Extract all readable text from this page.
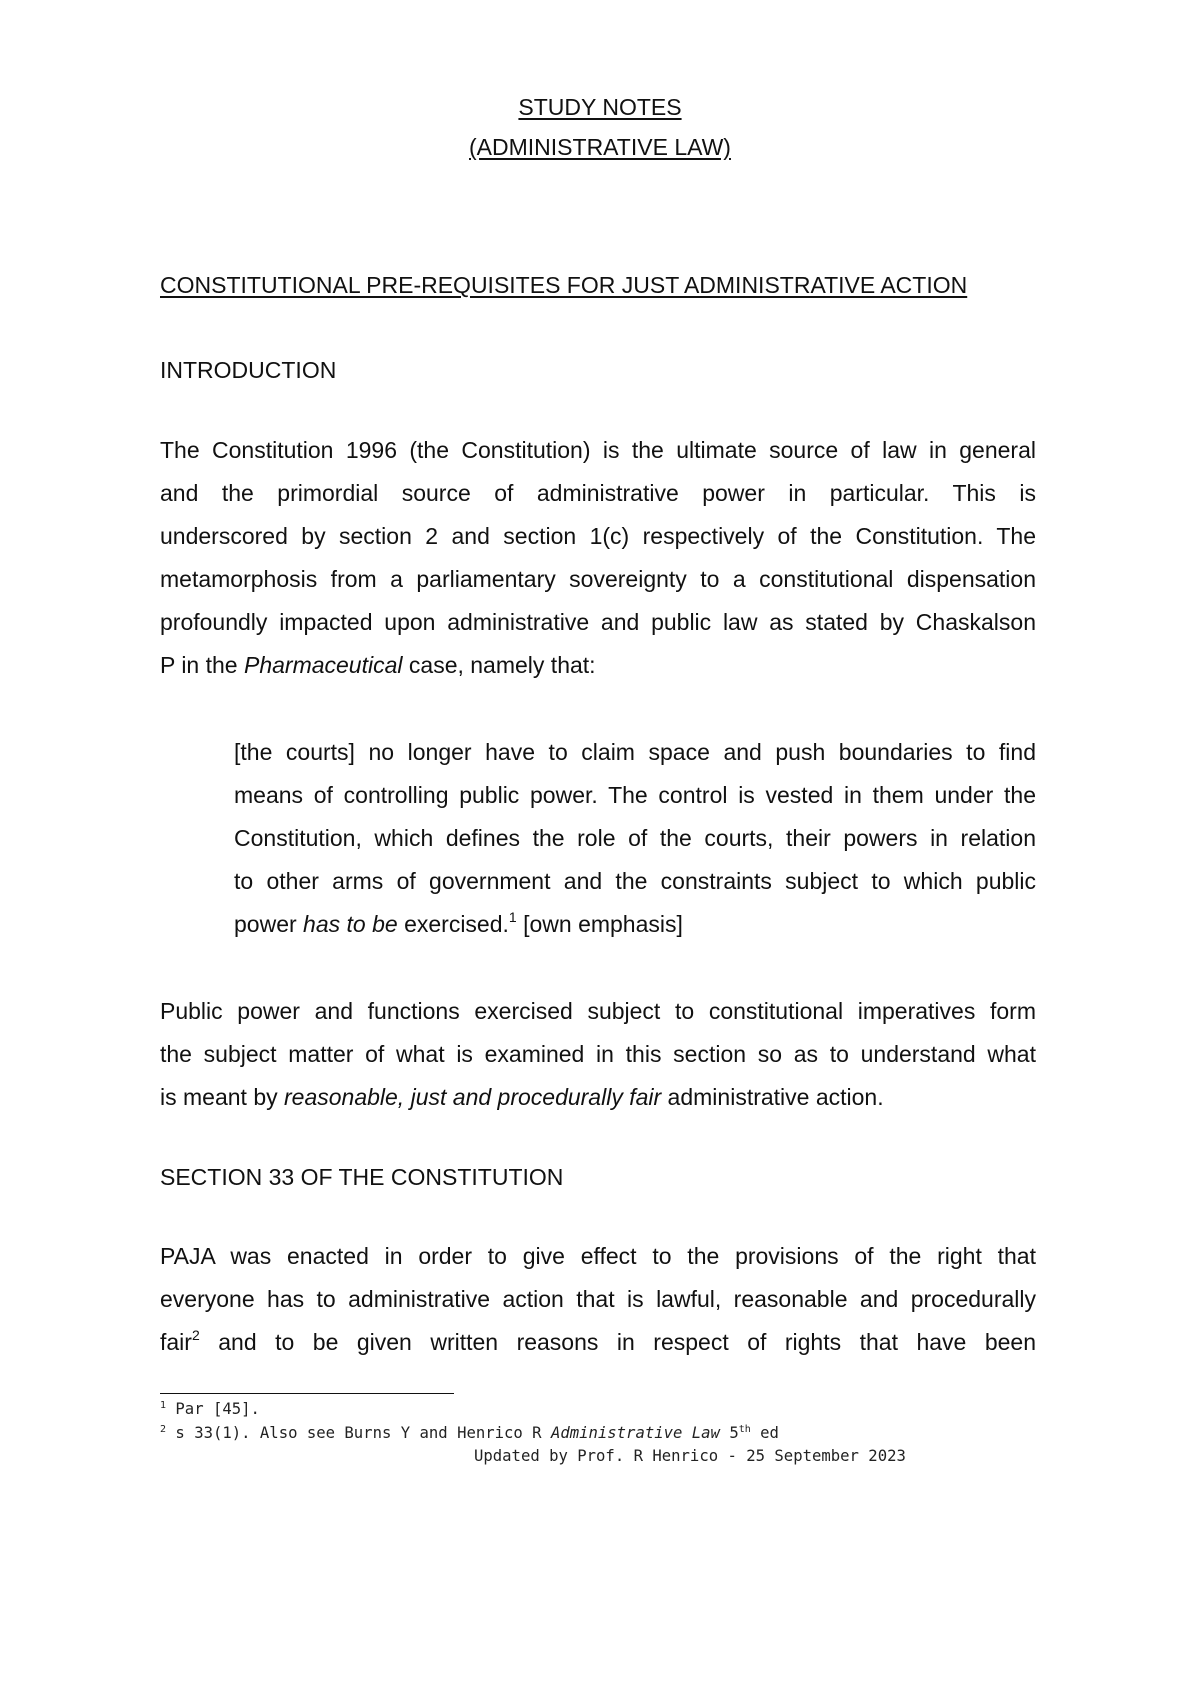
STUDY NOTES
(ADMINISTRATIVE LAW)
CONSTITUTIONAL PRE-REQUISITES FOR JUST ADMINISTRATIVE ACTION
INTRODUCTION
The Constitution 1996 (the Constitution) is the ultimate source of law in general
and the primordial source of administrative power in particular. This is
underscored by section 2 and section 1(c) respectively of the Constitution. The
metamorphosis from a parliamentary sovereignty to a constitutional dispensation
profoundly impacted upon administrative and public law as stated by Chaskalson
P in the Pharmaceutical case, namely that:
[the courts] no longer have to claim space and push boundaries to find
means of controlling public power. The control is vested in them under the
Constitution, which defines the role of the courts, their powers in relation
to other arms of government and the constraints subject to which public
power has to be exercised.$^1$ [own emphasis]
Public power and functions exercised subject to constitutional imperatives form
the subject matter of what is examined in this section so as to understand what
is meant by reasonable, just and procedurally fair administrative action.
SECTION 33 OF THE CONSTITUTION
PAJA was enacted in order to give effect to the provisions of the right that
everyone has to administrative action that is lawful, reasonable and procedurally
fair$^2$ and to be given written reasons in respect of rights that have been
$^1$ Par [45].
$^2$ s 33(1). Also see Burns Y and Henrico R Administrative Law 5th ed
Updated by Prof. R Henrico - 25 September 2023
